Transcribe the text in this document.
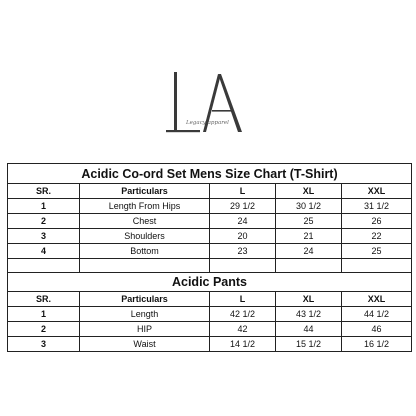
Legacy apparel
Acidic Co-ord Set Mens Size Chart (T-Shirt)				
SR.	Particulars	L	XL	XXL
1	Length From Hips	29 1/2	30 1/2	31 1/2
2	Chest	24	25	26
3	Shoulders	20	21	22
4	Bottom	23	24	25

Acidic Pants				
SR.	Particulars	L	XL	XXL
1	Length	42 1/2	43 1/2	44 1/2
2	HIP	42	44	46
3	Waist	14 1/2	15 1/2	16 1/2
